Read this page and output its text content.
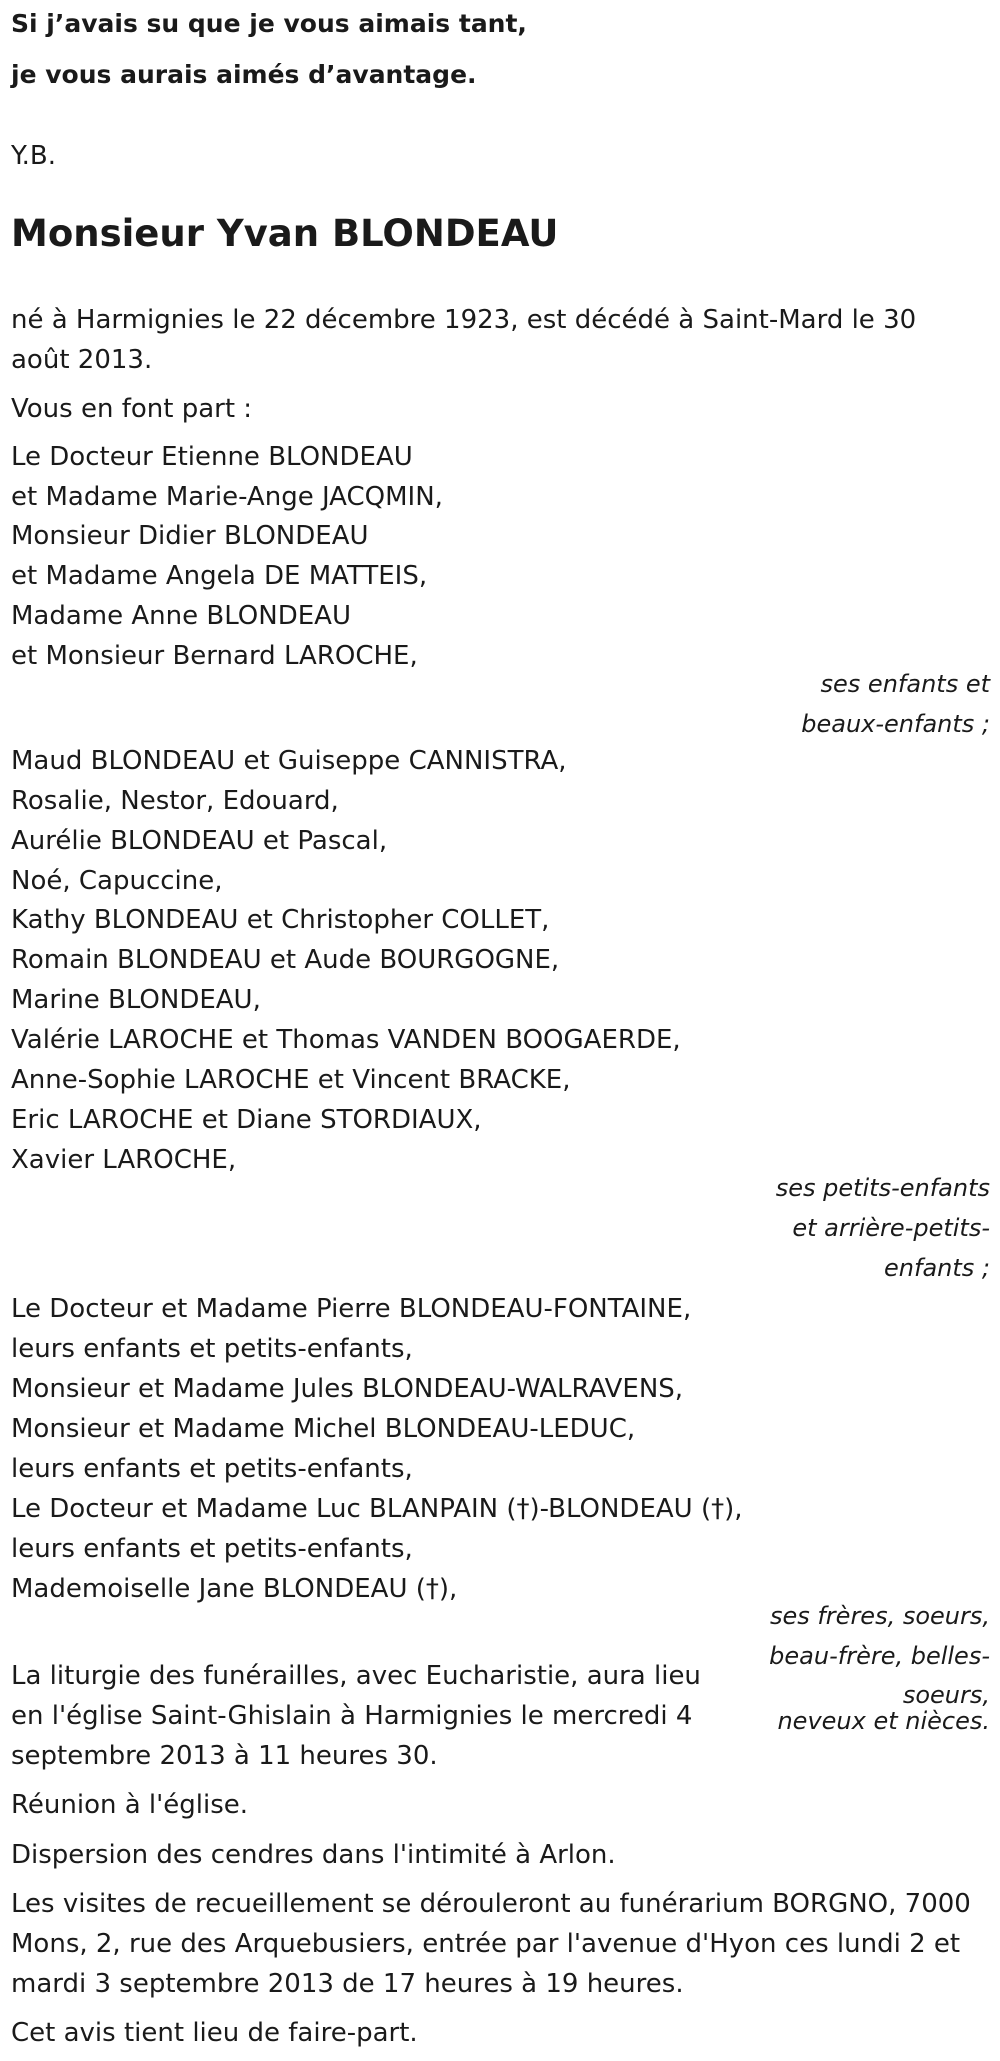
Si j’avais su que je vous aimais tant,
je vous aurais aimés d’avantage.
Y.B.
Monsieur Yvan BLONDEAU
né à Harmignies le 22 décembre 1923, est décédé à Saint-Mard le 30
août 2013.
Vous en font part :
Le Docteur Etienne BLONDEAU
et Madame Marie-Ange JACQMIN,
Monsieur Didier BLONDEAU
et Madame Angela DE MATTEIS,
Madame Anne BLONDEAU
et Monsieur Bernard LAROCHE,
ses enfants et
beaux-enfants ;
Maud BLONDEAU et Guiseppe CANNISTRA,
Rosalie, Nestor, Edouard,
Aurélie BLONDEAU et Pascal,
Noé, Capuccine,
Kathy BLONDEAU et Christopher COLLET,
Romain BLONDEAU et Aude BOURGOGNE,
Marine BLONDEAU,
Valérie LAROCHE et Thomas VANDEN BOOGAERDE,
Anne-Sophie LAROCHE et Vincent BRACKE,
Eric LAROCHE et Diane STORDIAUX,
Xavier LAROCHE,
ses petits-enfants
et arrière-petits-
enfants ;
Le Docteur et Madame Pierre BLONDEAU-FONTAINE,
leurs enfants et petits-enfants,
Monsieur et Madame Jules BLONDEAU-WALRAVENS,
Monsieur et Madame Michel BLONDEAU-LEDUC,
leurs enfants et petits-enfants,
Le Docteur et Madame Luc BLANPAIN (†)-BLONDEAU (†),
leurs enfants et petits-enfants,
Mademoiselle Jane BLONDEAU (†),
ses frères, soeurs,
beau-frère, belles-
soeurs,
neveux et nièces.
La liturgie des funérailles, avec Eucharistie, aura lieu
en l'église Saint-Ghislain à Harmignies le mercredi 4
septembre 2013 à 11 heures 30.
Réunion à l'église.
Dispersion des cendres dans l'intimité à Arlon.
Les visites de recueillement se dérouleront au funérarium BORGNO, 7000
Mons, 2, rue des Arquebusiers, entrée par l'avenue d'Hyon ces lundi 2 et
mardi 3 septembre 2013 de 17 heures à 19 heures.
Cet avis tient lieu de faire-part.
